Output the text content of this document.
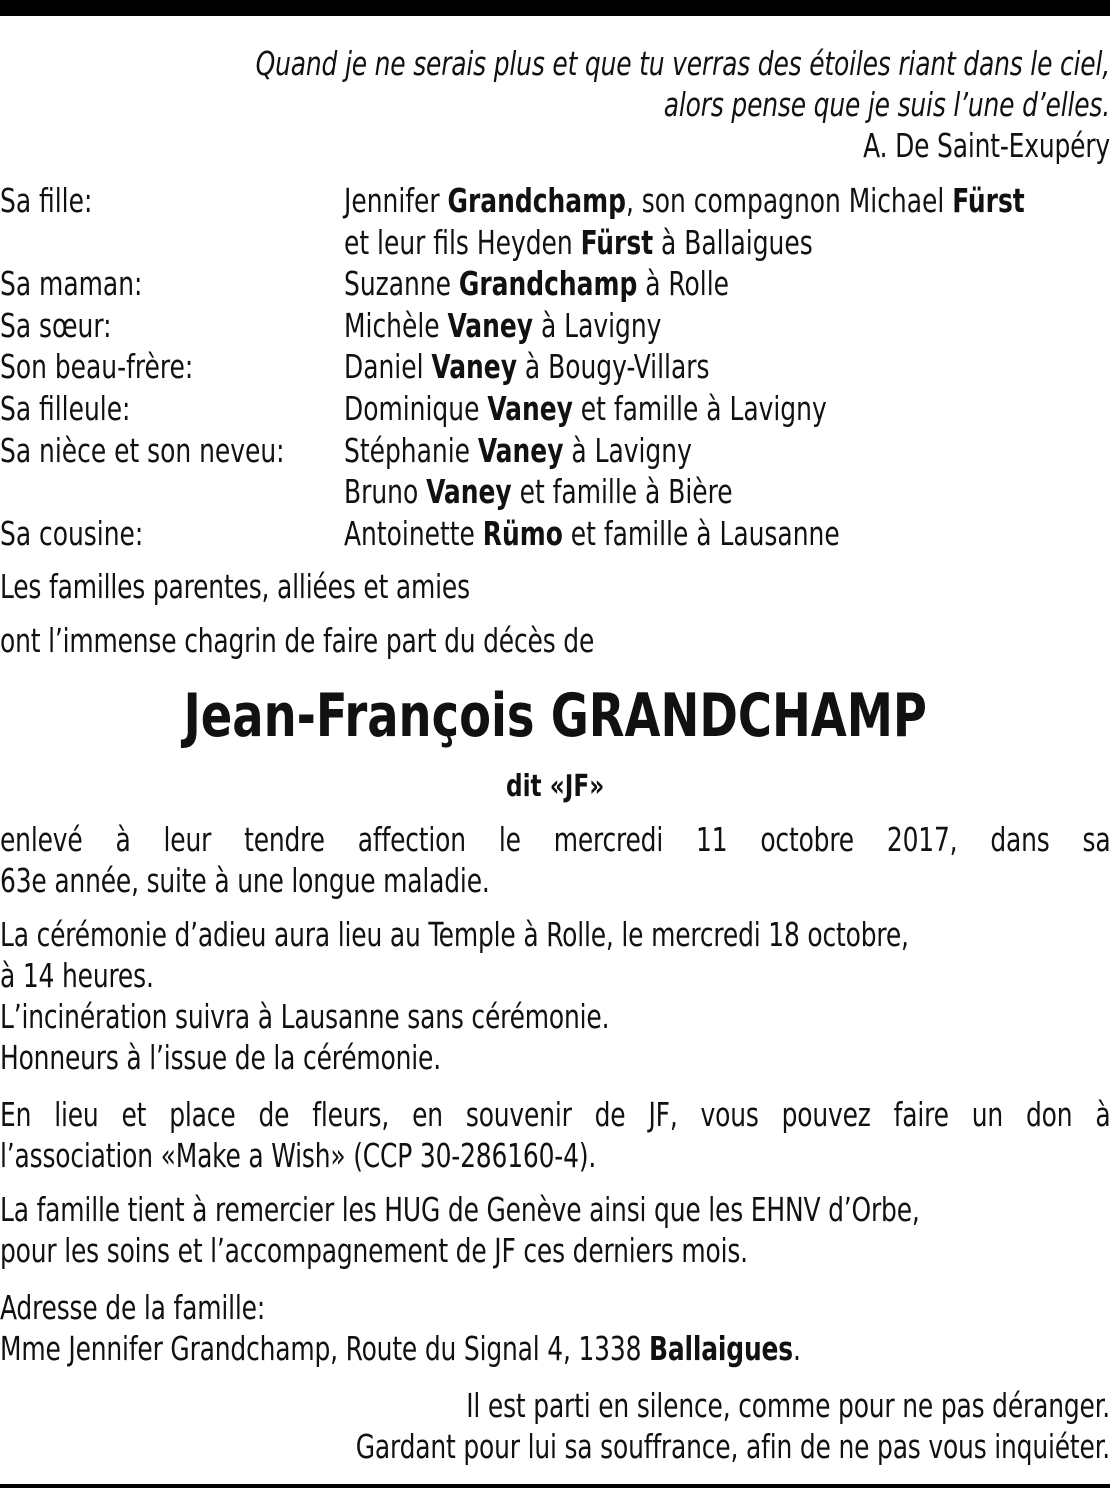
Quand je ne serais plus et que tu verras des étoiles riant dans le ciel,
alors pense que je suis l’une d’elles.
A. De Saint-Exupéry
Sa fille:	Jennifer Grandchamp, son compagnon Michael Fürst
et leur fils Heyden Fürst à Ballaigues
Sa maman:	Suzanne Grandchamp à Rolle
Sa sœur:	Michèle Vaney à Lavigny
Son beau-frère:	Daniel Vaney à Bougy-Villars
Sa filleule:	Dominique Vaney et famille à Lavigny
Sa nièce et son neveu: Stéphanie Vaney à Lavigny
Bruno Vaney et famille à Bière
Sa cousine:	Antoinette Rümo et famille à Lausanne
Les familles parentes, alliées et amies
ont l’immense chagrin de faire part du décès de
Jean-François GRANDCHAMP
dit «JF»
enlevé à leur tendre affection le mercredi 11 octobre 2017, dans sa
63e année, suite à une longue maladie.
La cérémonie d’adieu aura lieu au Temple à Rolle, le mercredi 18 octobre,
à 14 heures.
L’incinération suivra à Lausanne sans cérémonie.
Honneurs à l’issue de la cérémonie.
En lieu et place de fleurs, en souvenir de JF, vous pouvez faire un don à
l’association «Make a Wish» (CCP 30-286160-4).
La famille tient à remercier les HUG de Genève ainsi que les EHNV d’Orbe,
pour les soins et l’accompagnement de JF ces derniers mois.
Adresse de la famille:
Mme Jennifer Grandchamp, Route du Signal 4, 1338 Ballaigues.
Il est parti en silence, comme pour ne pas déranger.
Gardant pour lui sa souffrance, afin de ne pas vous inquiéter.
